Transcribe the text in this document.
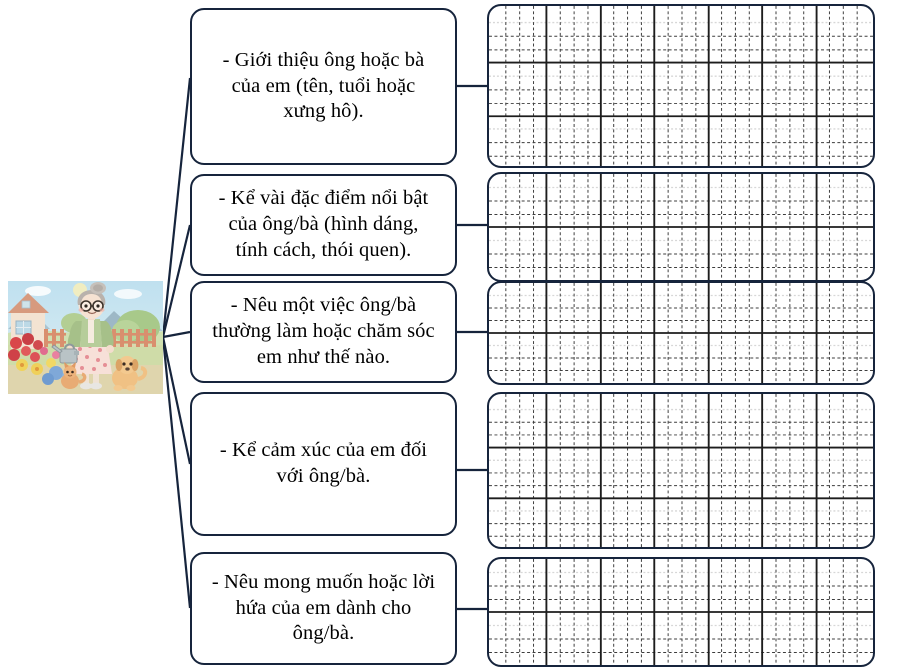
- Giới thiệu ông hoặc bà
của em (tên, tuổi hoặc
xưng hô).
- Kể vài đặc điểm nổi bật
của ông/bà (hình dáng,
tính cách, thói quen).
- Nêu một việc ông/bà
thường làm hoặc chăm sóc
em như thế nào.
- Kể cảm xúc của em đối
với ông/bà.
- Nêu mong muốn hoặc lời
hứa của em dành cho
ông/bà.
